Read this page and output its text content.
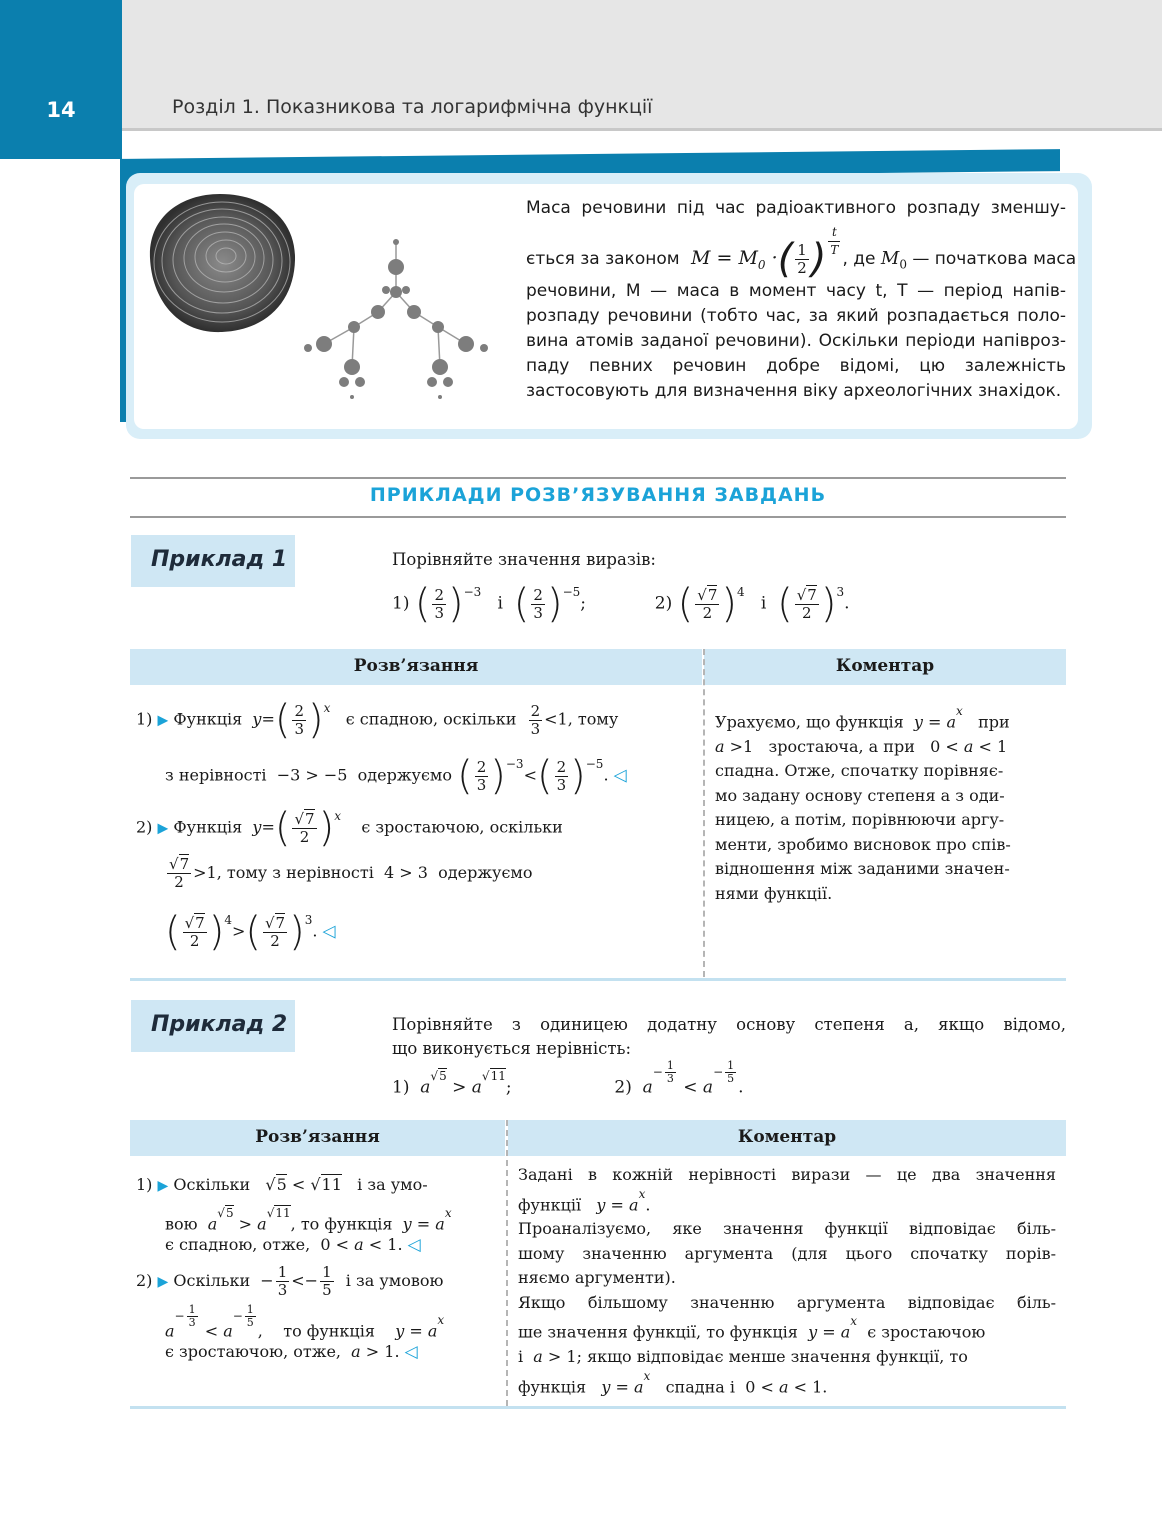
14	Розділ 1. Показникова та логарифмічна функції
Маса речовини під час радіоактивного розпаду зменшу-
ється за законом  $M = M_0$ ·( $\frac{1}{2}$ ) $\frac{t}{T}$
, де $M_0$ — початкова маса
речовини, M — маса в момент часу t, T — період напів-
розпаду речовини (тобто час, за який розпадається поло-
вина атомів заданої речовини). Оскільки періоди напівроз-
паду певних речовин добре відомі, цю залежність
застосовують для визначення віку археологічних знахідок.
ПРИКЛАДИ РОЗВ’ЯЗУВАННЯ ЗАВДАНЬ
Приклад 1	Порівняйте значення виразів:
1) ( $\frac{2}{3} )^{-3}$   і  ( $\frac{2}{3} )^{-5}$;	2) ( $\frac{√7}{2} )^4$   і  ( $\frac{√7}{2} )^3$.
Розв’язання	Коментар
1) ▶ Функція $y=( \frac{2}{3} )^x$   є спадною, оскільки $\frac{2}{3} <1$, тому
з нерівності −3 > −5 одержуємо ( $\frac{2}{3} )^{-3}<( \frac{2}{3} )^{-5}$. ◁
2) ▶ Функція $y=( \frac{√7}{2} )^x$    є зростаючою, оскільки
$\frac{√7}{2} >1$, тому з нерівності 4 > 3 одержуємо
( $\frac{√7}{2} )^4>( \frac{√7}{2} )^3$. ◁
Урахуємо, що функція $y = a^x$   при
a >1   зростаюча, а при   0 < a < 1
спадна. Отже, спочатку порівняє-
мо задану основу степеня a з оди-
ницею, а потім, порівнюючи аргу-
менти, зробимо висновок про спів-
відношення між заданими значен-
нями функції.
Приклад 2	Порівняйте з одиницею додатну основу степеня a, якщо відомо,
що виконується нерівність:
1)  $a^{√5} > a^{√11}$;	2)  $a^{- \frac{1}{3}}$
< $a^{- \frac{1}{5}}$
.
Розв’язання	Коментар
1) ▶ Оскільки   √5 < √11 і за умо-
вою $a^{√5} > a^{√11}$, то функція $y = a^x$
є спадною, отже,  0 < a < 1. ◁
2) ▶ Оскільки  − $\frac{1}{3} <- \frac{1}{5}$ і за умовою
$a^{- \frac{1}{3}}$
< $a^{- \frac{1}{5}}$
,    то функція $y = a^x$
є зростаючою, отже, a > 1. ◁
Задані в кожній нерівності вирази — це два значення
функції $y = a^x$.
Проаналізуємо, яке значення функції відповідає біль-
шому значенню аргумента (для цього спочатку порів-
няємо аргументи).
Якщо більшому значенню аргумента відповідає біль-
ше значення функції, то функція $y = a^x$  є зростаючою
і a > 1; якщо відповідає менше значення функції, то
функція $y = a^x$   спадна і  0 < a < 1.
